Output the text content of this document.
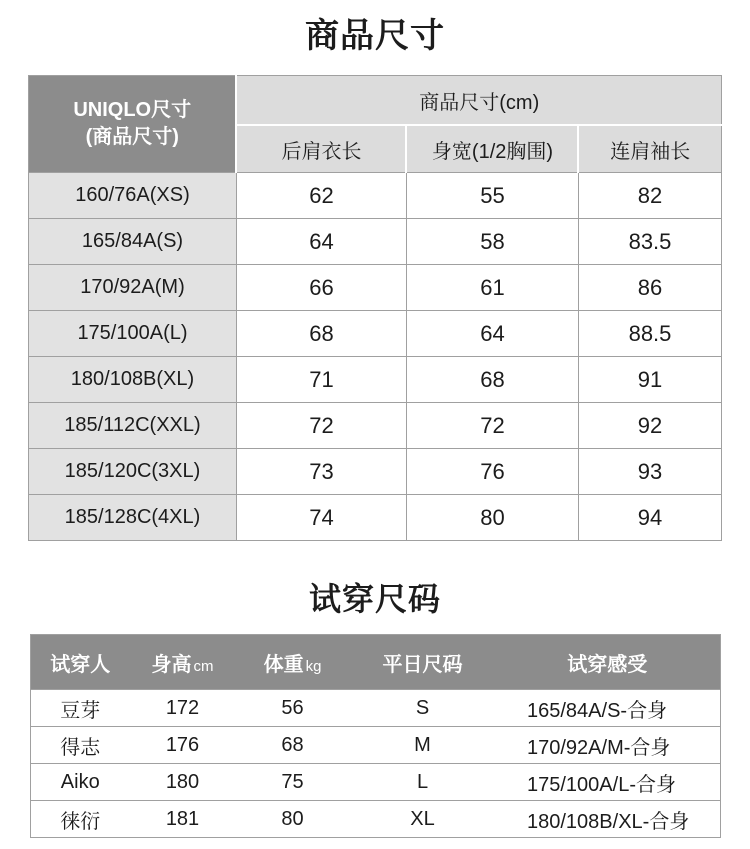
商品尺寸
UNIQLO尺寸
(商品尺寸)	商品尺寸(cm)		
	后肩衣长	身宽(1/2胸围)	连肩袖长
160/76A(XS)	62	55	82
165/84A(S)	64	58	83.5
170/92A(M)	66	61	86
175/100A(L)	68	64	88.5
180/108B(XL)	71	68	91
185/112C(XXL)	72	72	92
185/120C(3XL)	73	76	93
185/128C(4XL)	74	80	94
试穿尺码
试穿人	身高 cm	体重 kg	平日尺码	试穿感受
豆芽	172	56	S	165/84A/S-合身
得志	176	68	M	170/92A/M-合身
Aiko	180	75	L	175/100A/L-合身
徕衍	181	80	XL	180/108B/XL-合身
